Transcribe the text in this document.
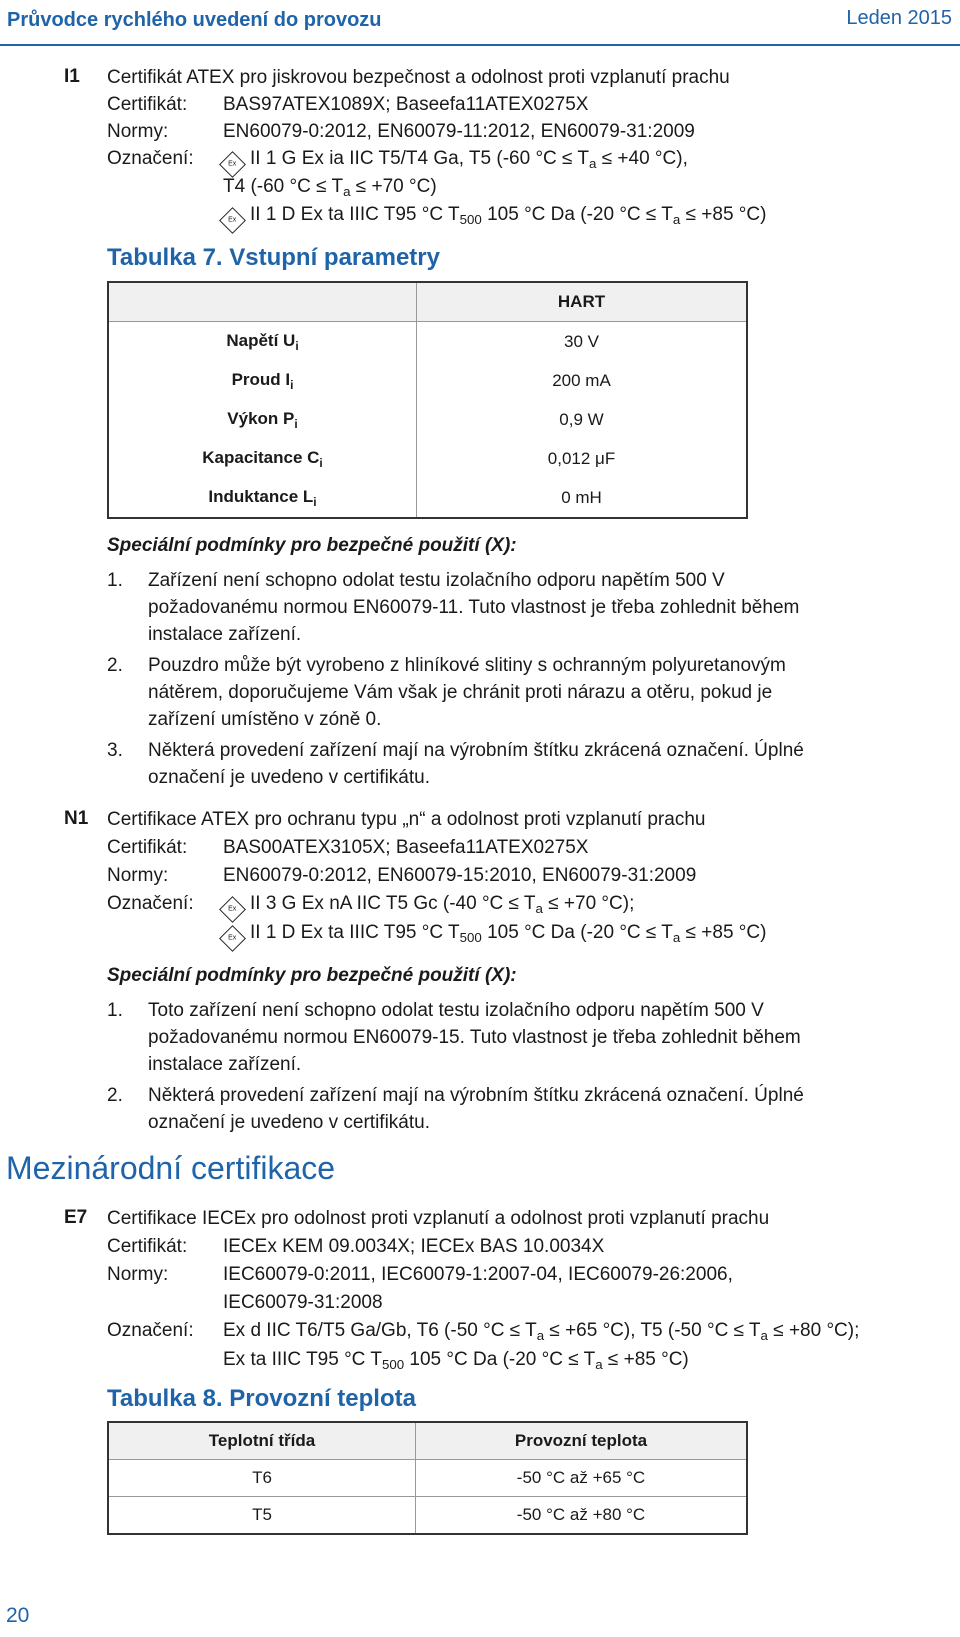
Průvodce rychlého uvedení do provozu	Leden 2015
I1 Certifikát ATEX pro jiskrovou bezpečnost a odolnost proti vzplanutí prachu
Certifikát: BAS97ATEX1089X; Baseefa11ATEX0275X
Normy:	EN60079-0:2012, EN60079-11:2012, EN60079-31:2009
Označení:	Ex II 1 G Ex ia IIC T5/T4 Ga, T5 (-60 $^\circ C \le T_a \le +40$ °C),
T4 (-60 $^\circ C \le T_a \le +70$ °C)
Ex II 1 D Ex ta IIIC T95 °C $T_{500}$ 105 °C Da (-20 $^\circ C \le T_a \le +85$ °C)
Tabulka 7. Vstupní parametry
	HART
Napětí $U_i$	30 V
Proud $I_i$	200 mA
Výkon $P_i$	0,9 W
Kapacitance $C_i$	0,012 μF
Induktance $L_i$	0 mH
Speciální podmínky pro bezpečné použití (X):
1. Zařízení není schopno odolat testu izolačního odporu napětím 500 V
požadovanému normou EN60079-11. Tuto vlastnost je třeba zohlednit během
instalace zařízení.
2. Pouzdro může být vyrobeno z hliníkové slitiny s ochranným polyuretanovým
nátěrem, doporučujeme Vám však je chránit proti nárazu a otěru, pokud je
zařízení umístěno v zóně 0.
3. Některá provedení zařízení mají na výrobním štítku zkrácená označení. Úplné
označení je uvedeno v certifikátu.
N1 Certifikace ATEX pro ochranu typu „n“ a odolnost proti vzplanutí prachu
Certifikát: BAS00ATEX3105X; Baseefa11ATEX0275X
Normy:	EN60079-0:2012, EN60079-15:2010, EN60079-31:2009
Označení:	Ex II 3 G Ex nA IIC T5 Gc (-40 $^\circ C \le T_a \le +70$ °C);
Ex II 1 D Ex ta IIIC T95 °C $T_{500}$ 105 °C Da (-20 $^\circ C \le T_a \le +85$ °C)
Speciální podmínky pro bezpečné použití (X):
1. Toto zařízení není schopno odolat testu izolačního odporu napětím 500 V
požadovanému normou EN60079-15. Tuto vlastnost je třeba zohlednit během
instalace zařízení.
2. Některá provedení zařízení mají na výrobním štítku zkrácená označení. Úplné
označení je uvedeno v certifikátu.
Mezinárodní certifikace
E7 Certifikace IECEx pro odolnost proti vzplanutí a odolnost proti vzplanutí prachu
Certifikát: IECEx KEM 09.0034X; IECEx BAS 10.0034X
Normy:	IEC60079-0:2011, IEC60079-1:2007-04, IEC60079-26:2006,
IEC60079-31:2008
Označení: Ex d IIC T6/T5 Ga/Gb, T6 (-50 $^\circ C \le T_a \le +65$ °C), T5 (-50 $^\circ C \le T_a \le +80$ °C);
Ex ta IIIC T95 °C $T_{500}$ 105 °C Da (-20 $^\circ C \le T_a \le +85$ °C)
Tabulka 8. Provozní teplota
Teplotní třída	Provozní teplota
T6	-50 °C až +65 °C
T5	-50 °C až +80 °C
20
